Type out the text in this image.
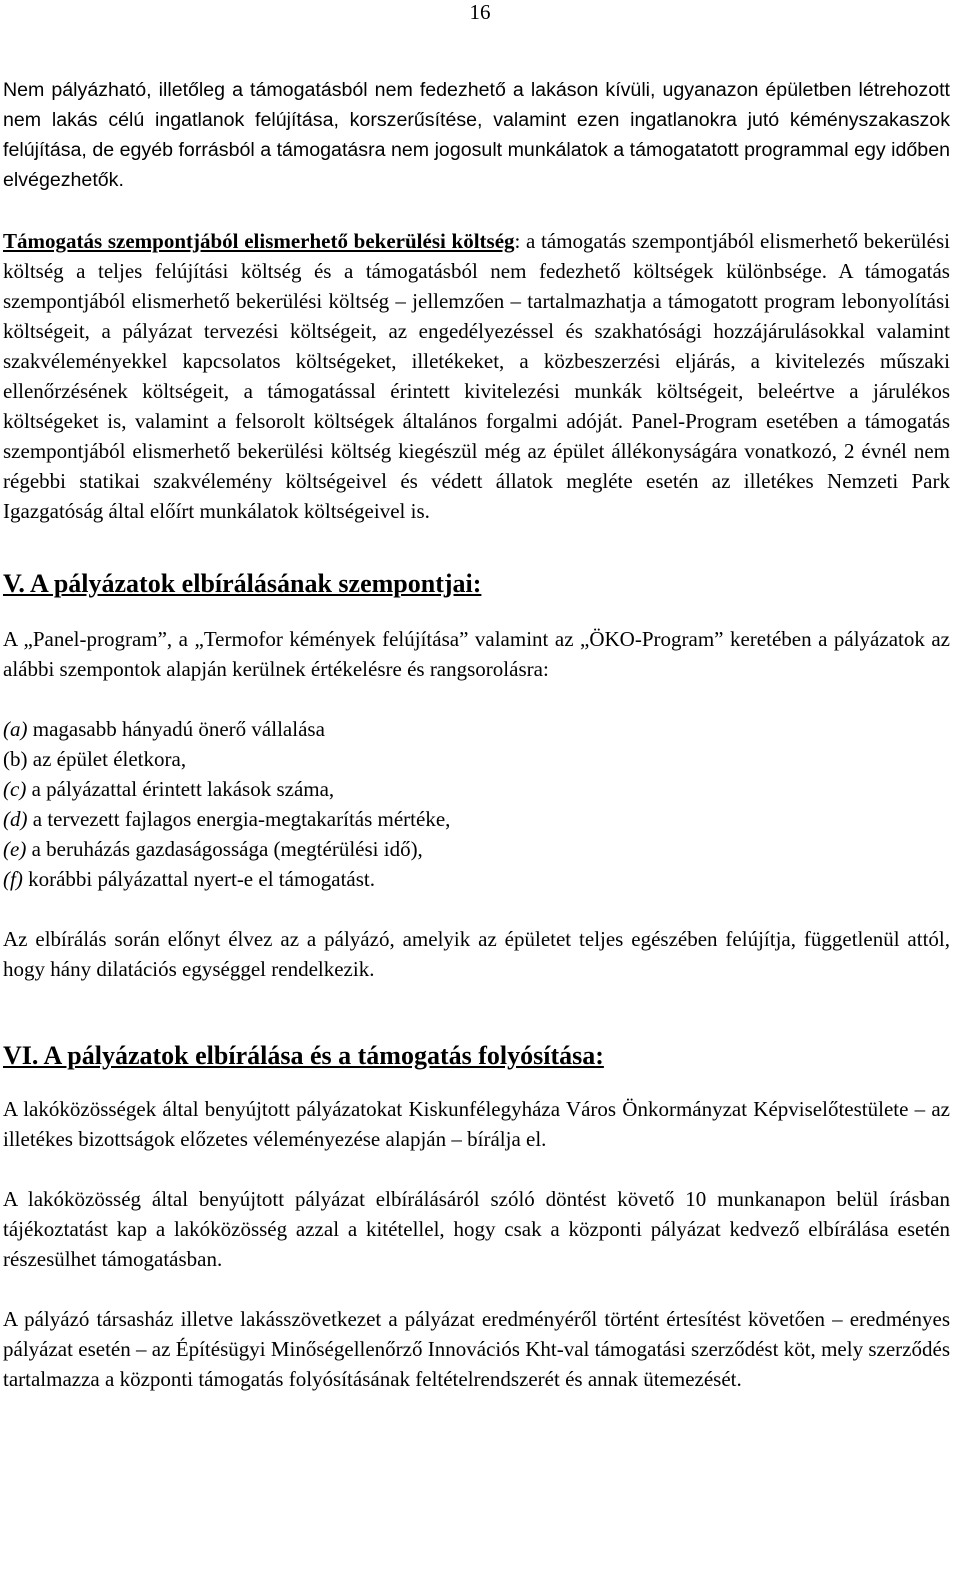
16

Nem pályázható, illetőleg a támogatásból nem fedezhető a lakáson kívüli, ugyanazon épületben létrehozott nem lakás célú ingatlanok felújítása, korszerűsítése, valamint ezen ingatlanokra jutó kéményszakaszok felújítása, de egyéb forrásból a támogatásra nem jogosult munkálatok a támogatatott programmal egy időben elvégezhetők.

Támogatás szempontjából elismerhető bekerülési költség: a támogatás szempontjából elismerhető bekerülési költség a teljes felújítási költség és a támogatásból nem fedezhető költségek különbsége. A támogatás szempontjából elismerhető bekerülési költség – jellemzően – tartalmazhatja a támogatott program lebonyolítási költségeit, a pályázat tervezési költségeit, az engedélyezéssel és szakhatósági hozzájárulásokkal valamint szakvéleményekkel kapcsolatos költségeket, illetékeket, a közbeszerzési eljárás, a kivitelezés műszaki ellenőrzésének költségeit, a támogatással érintett kivitelezési munkák költségeit, beleértve a járulékos költségeket is, valamint a felsorolt költségek általános forgalmi adóját. Panel-Program esetében a támogatás szempontjából elismerhető bekerülési költség kiegészül még az épület állékonyságára vonatkozó, 2 évnél nem régebbi statikai szakvélemény költségeivel és védett állatok megléte esetén az illetékes Nemzeti Park Igazgatóság által előírt munkálatok költségeivel is.

V. A pályázatok elbírálásának szempontjai:

A „Panel-program”, a „Termofor kémények felújítása” valamint az „ÖKO-Program” keretében a pályázatok az alábbi szempontok alapján kerülnek értékelésre és rangsorolásra:

(a) magasabb hányadú önerő vállalása
(b) az épület életkora,
(c) a pályázattal érintett lakások száma,
(d) a tervezett fajlagos energia-megtakarítás mértéke,
(e) a beruházás gazdaságossága (megtérülési idő),
(f) korábbi pályázattal nyert-e el támogatást.

Az elbírálás során előnyt élvez az a pályázó, amelyik az épületet teljes egészében felújítja, függetlenül attól, hogy hány dilatációs egységgel rendelkezik.

VI. A pályázatok elbírálása és a támogatás folyósítása:

A lakóközösségek által benyújtott pályázatokat Kiskunfélegyháza Város Önkormányzat Képviselőtestülete – az illetékes bizottságok előzetes véleményezése alapján – bírálja el.

A lakóközösség által benyújtott pályázat elbírálásáról szóló döntést követő 10 munkanapon belül írásban tájékoztatást kap a lakóközösség azzal a kitétellel, hogy csak a központi pályázat kedvező elbírálása esetén részesülhet támogatásban.

A pályázó társasház illetve lakásszövetkezet a pályázat eredményéről történt értesítést követően – eredményes pályázat esetén – az Építésügyi Minőségellenőrző Innovációs Kht-val támogatási szerződést köt, mely szerződés tartalmazza a központi támogatás folyósításának feltételrendszerét és annak ütemezését.
